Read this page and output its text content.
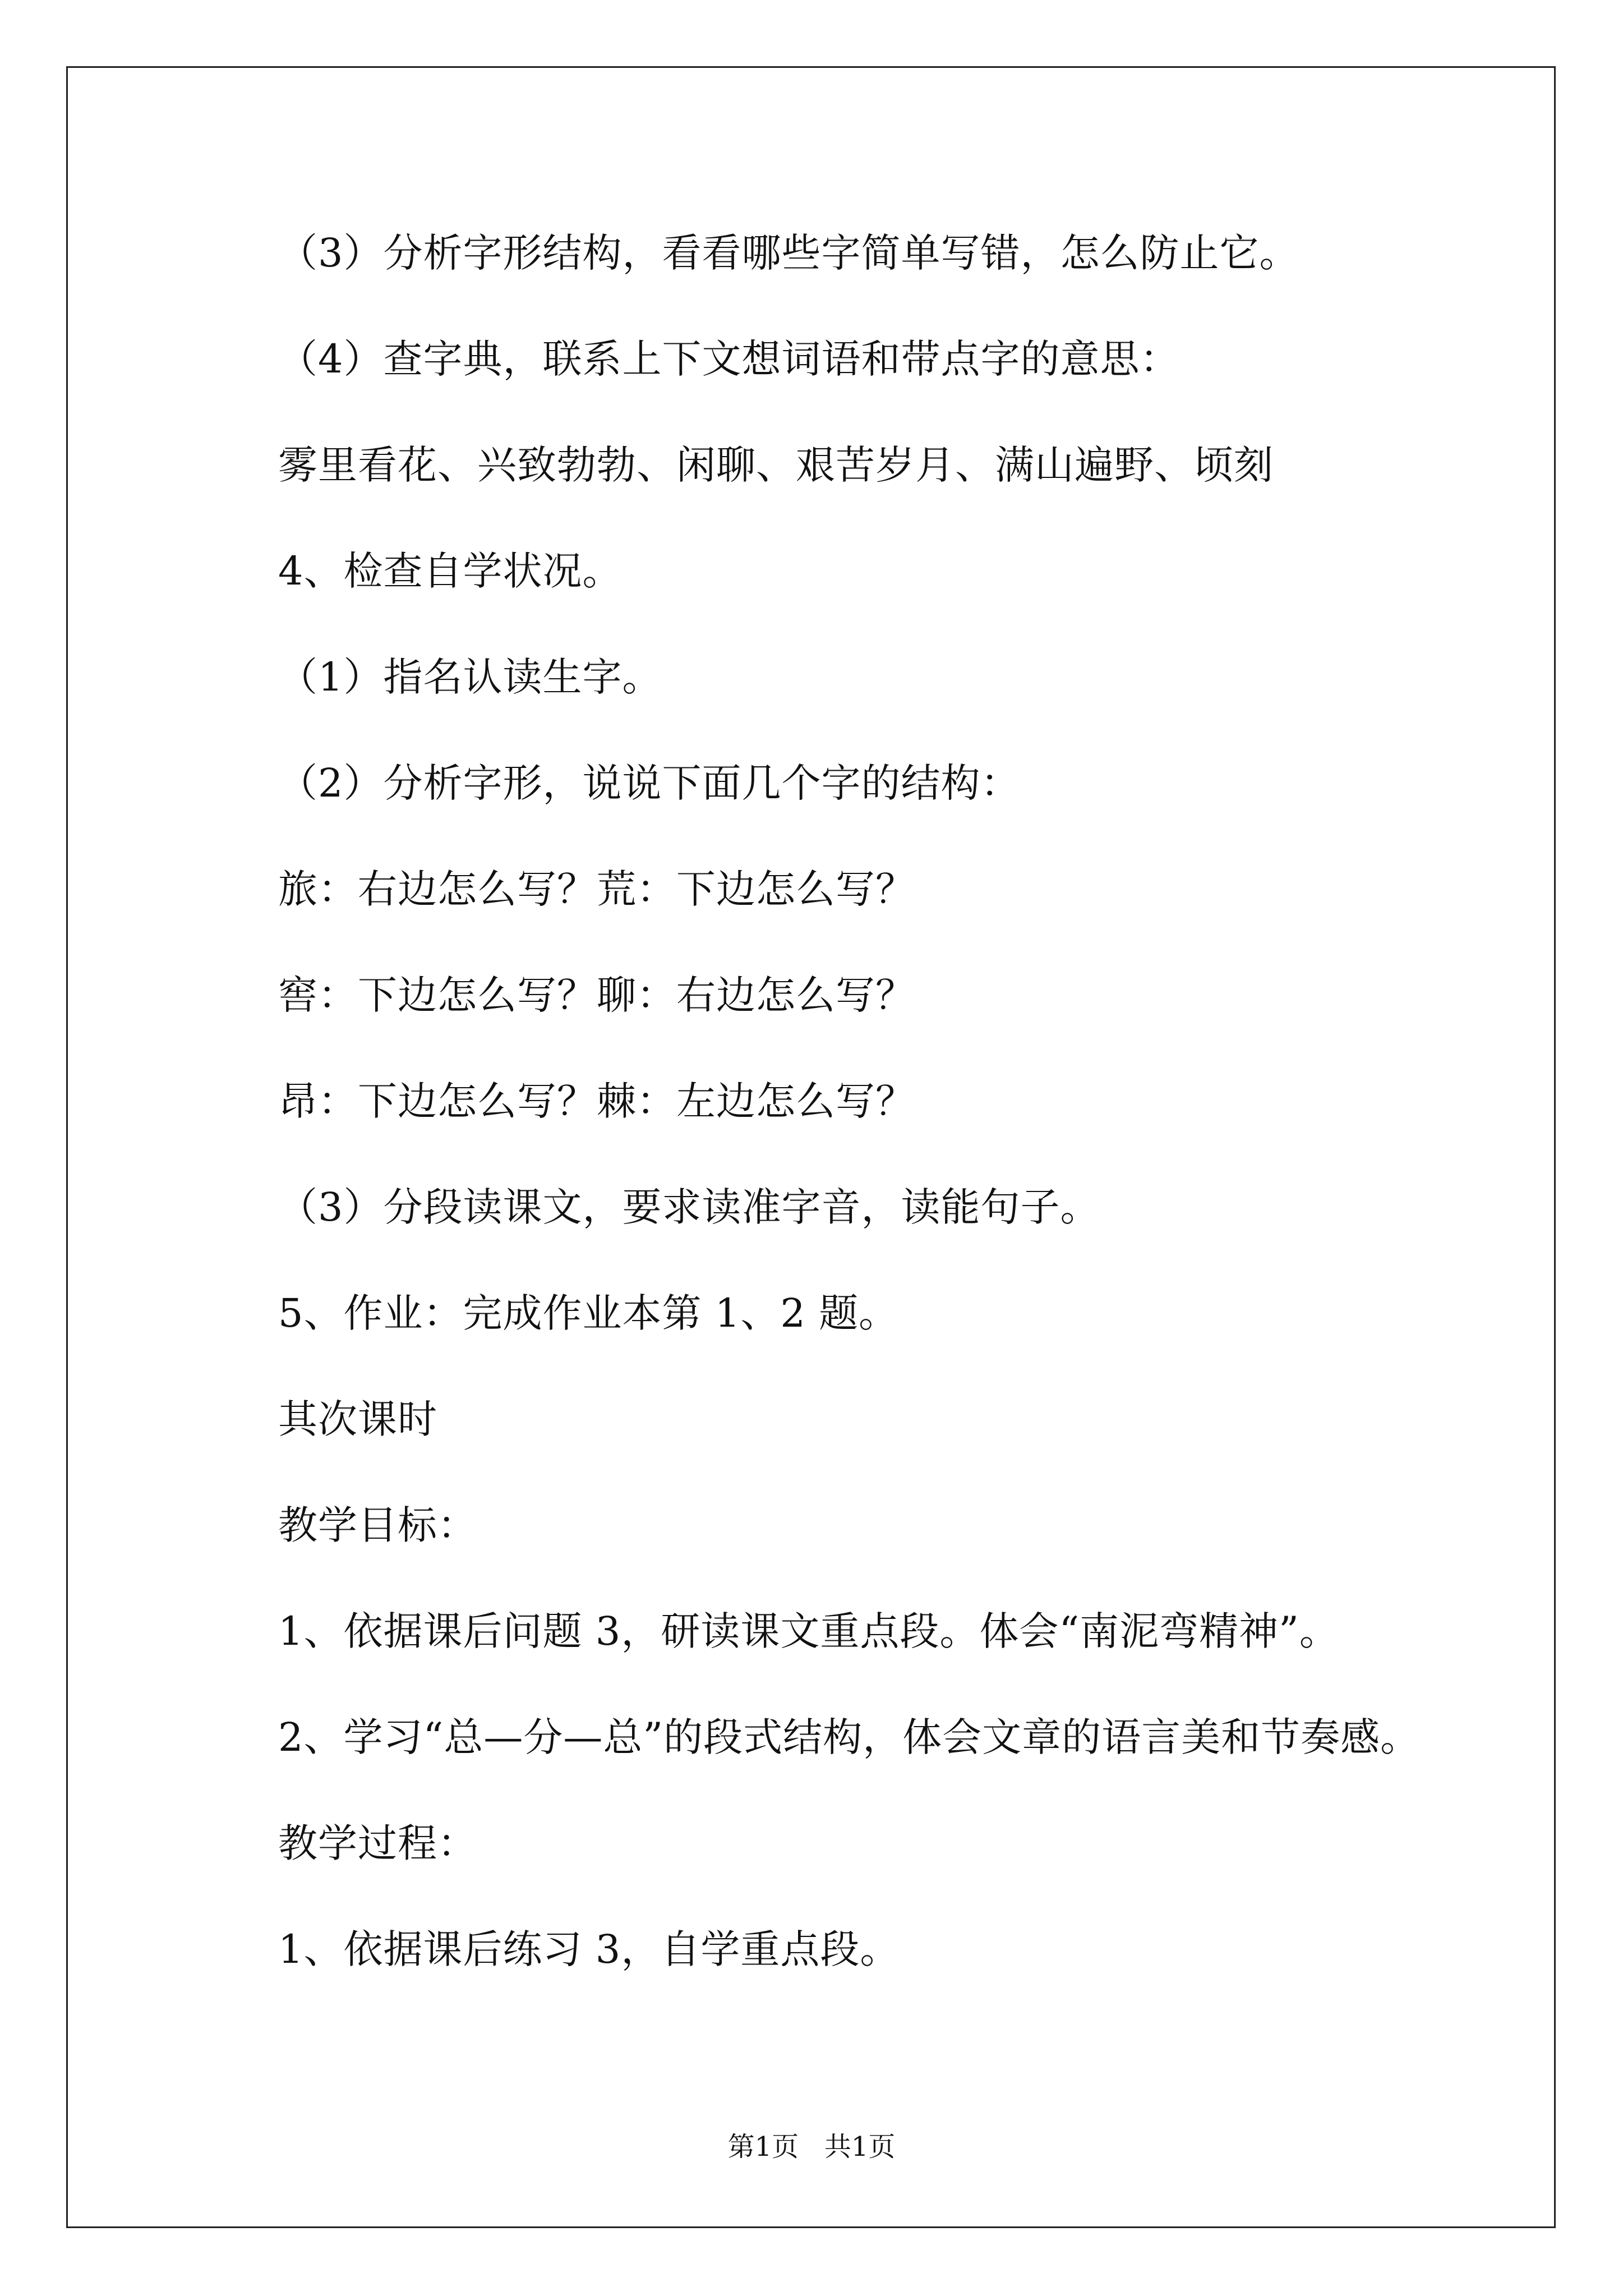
（3）分析字形结构，看看哪些字简单写错，怎么防止它。
（4）查字典，联系上下文想词语和带点字的意思：
雾里看花、兴致勃勃、闲聊、艰苦岁月、满山遍野、顷刻
4、检查自学状况。
（1）指名认读生字。
（2）分析字形，说说下面几个字的结构：
旅：右边怎么写？荒：下边怎么写？
窖：下边怎么写？聊：右边怎么写？
昂：下边怎么写？棘：左边怎么写？
（3）分段读课文，要求读准字音，读能句子。
5、作业：完成作业本第 1、2 题。
其次课时
教学目标：
1、依据课后问题 3，研读课文重点段。体会“南泥弯精神”。
2、学习“总—分—总”的段式结构，体会文章的语言美和节奏感。
教学过程：
1、依据课后练习 3，自学重点段。
第1页   共1页
